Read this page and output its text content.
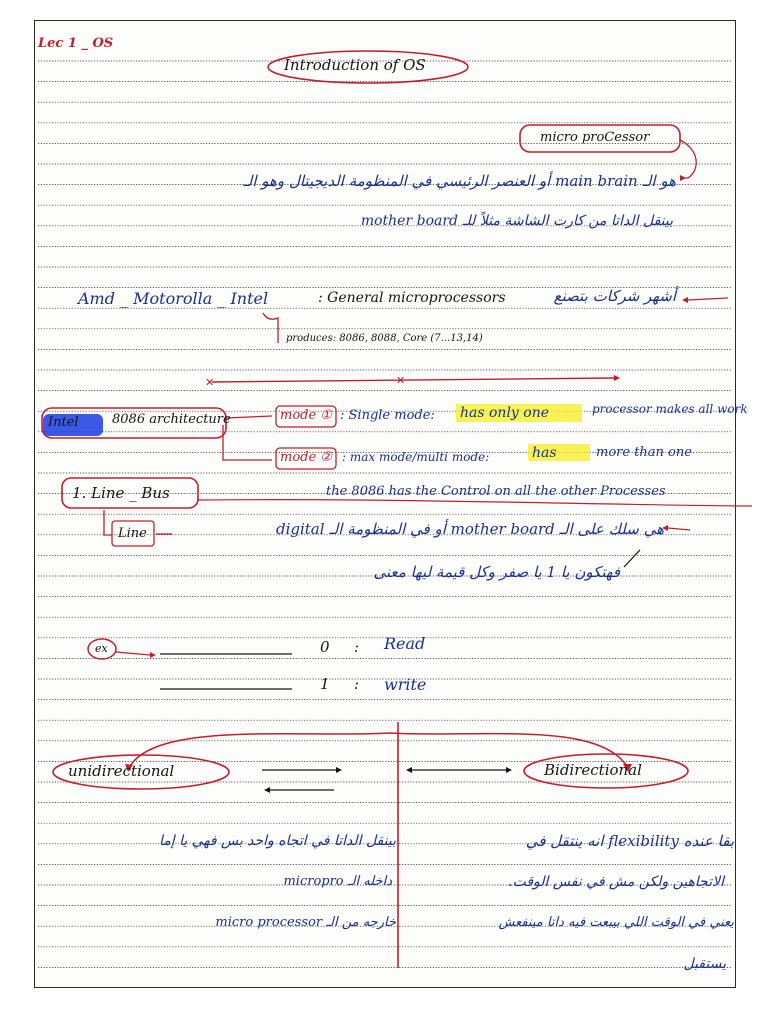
✕	✕
Lec 1 _ OS
Introduction of OS
micro proCessor
هو الـ main brain أو العنصر الرئيسي في المنظومة الديجيتال وهو الـ
بينقل الداتا من كارت الشاشة مثلاً للـ mother board
Amd _ Motorolla _ Intel	: General microprocessors	أشهر شركات بتصنع
produces: 8086, 8088, Core (7...13,14)
Intel	8086 architecture	mode ① : Single mode: has only one	processor makes all work
mode ② : max mode/multi mode:	has	more than one
the 8086 has the Control on all the other Processes
1. Line _ Bus
Line	هي سلك على الـ mother board أو في المنظومة الـ digital
فهتكون يا 1 يا صفر وكل قيمة ليها معنى
ex	0 : Read
1 : write
unidirectional	Bidirectional
بقا عنده flexibility انه ينتقل في
بينقل الداتا في اتجاه واحد بس فهي يا إما
الاتجاهين ولكن مش في نفس الوقت.
داخله الـ micropro
يعني في الوقت اللي بيبعت فيه داتا مينفعش
خارجه من الـ micro processor
يستقبل
